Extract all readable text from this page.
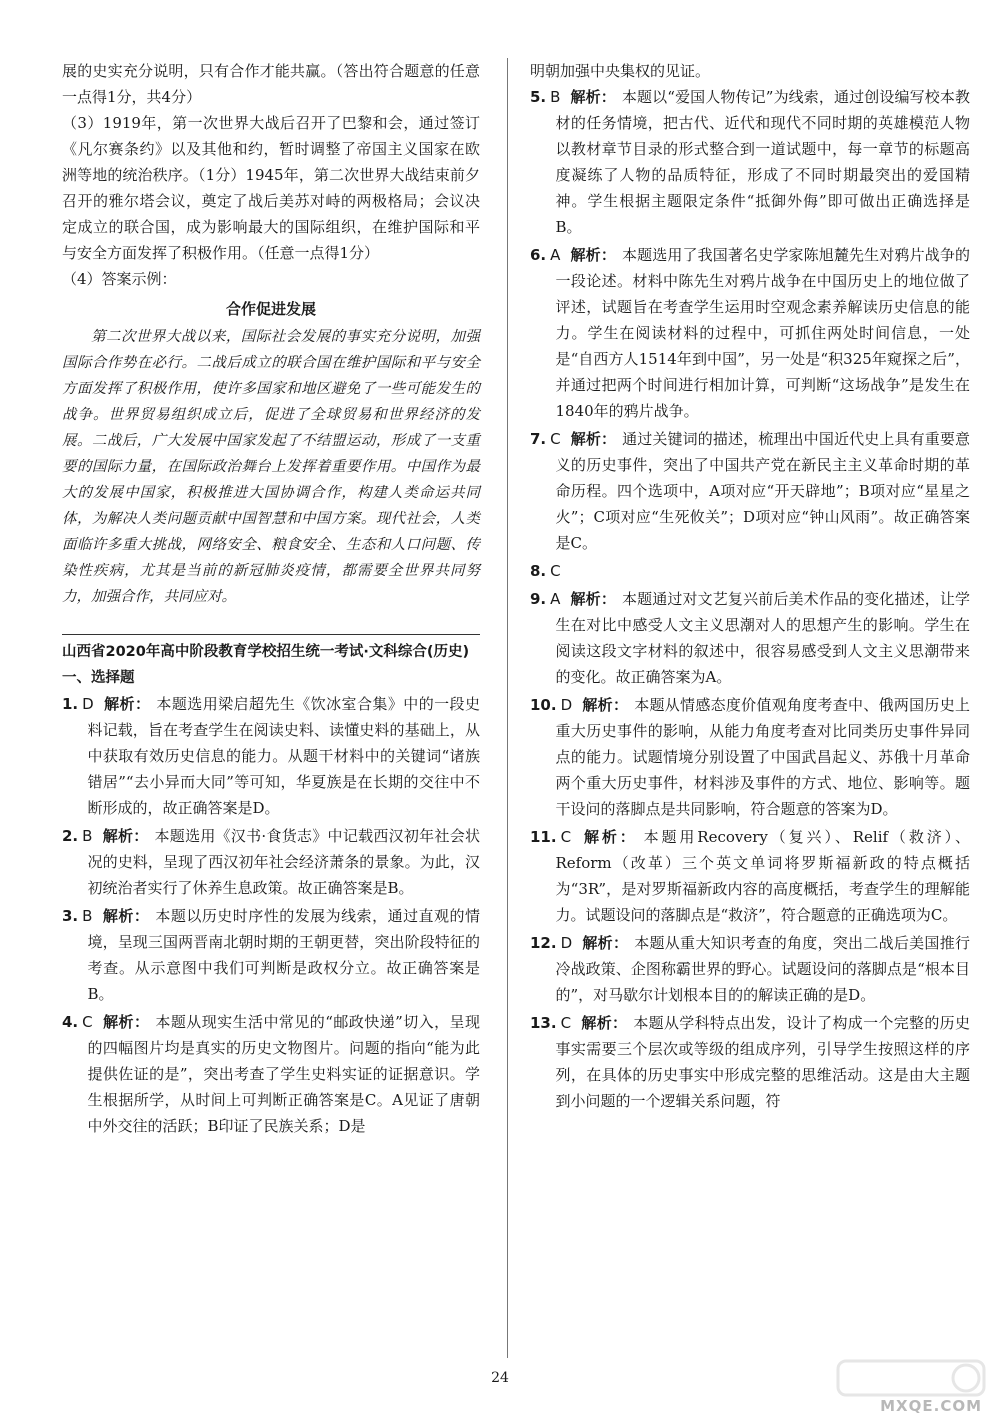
展的史实充分说明，只有合作才能共赢。（答出符合题意的任意一点得1分，共4分）

（3）1919年，第一次世界大战后召开了巴黎和会，通过签订《凡尔赛条约》以及其他和约，暂时调整了帝国主义国家在欧洲等地的统治秩序。（1分）1945年，第二次世界大战结束前夕召开的雅尔塔会议，奠定了战后美苏对峙的两极格局；会议决定成立的联合国，成为影响最大的国际组织，在维护国际和平与安全方面发挥了积极作用。（任意一点得1分）

（4）答案示例：

合作促进发展

第二次世界大战以来，国际社会发展的事实充分说明，加强国际合作势在必行。二战后成立的联合国在维护国际和平与安全方面发挥了积极作用，使许多国家和地区避免了一些可能发生的战争。世界贸易组织成立后，促进了全球贸易和世界经济的发展。二战后，广大发展中国家发起了不结盟运动，形成了一支重要的国际力量，在国际政治舞台上发挥着重要作用。中国作为最大的发展中国家，积极推进大国协调合作，构建人类命运共同体，为解决人类问题贡献中国智慧和中国方案。现代社会，人类面临许多重大挑战，网络安全、粮食安全、生态和人口问题、传染性疾病，尤其是当前的新冠肺炎疫情，都需要全世界共同努力，加强合作，共同应对。

山西省2020年高中阶段教育学校招生统一考试·文科综合(历史)
一、选择题

1. D 解析： 本题选用梁启超先生《饮冰室合集》中的一段史料记载，旨在考查学生在阅读史料、读懂史料的基础上，从中获取有效历史信息的能力。从题干材料中的关键词“诸族错居”“去小异而大同”等可知，华夏族是在长期的交往中不断形成的，故正确答案是D。

2. B 解析： 本题选用《汉书·食货志》中记载西汉初年社会状况的史料，呈现了西汉初年社会经济萧条的景象。为此，汉初统治者实行了休养生息政策。故正确答案是B。

3. B 解析： 本题以历史时序性的发展为线索，通过直观的情境，呈现三国两晋南北朝时期的王朝更替，突出阶段特征的考查。从示意图中我们可判断是政权分立。故正确答案是B。

4. C 解析： 本题从现实生活中常见的“邮政快递”切入，呈现的四幅图片均是真实的历史文物图片。问题的指向“能为此提供佐证的是”，突出考查了学生史料实证的证据意识。学生根据所学，从时间上可判断正确答案是C。A见证了唐朝中外交往的活跃；B印证了民族关系；D是

明朝加强中央集权的见证。

5. B 解析： 本题以“爱国人物传记”为线索，通过创设编写校本教材的任务情境，把古代、近代和现代不同时期的英雄模范人物以教材章节目录的形式整合到一道试题中，每一章节的标题高度凝练了人物的品质特征，形成了不同时期最突出的爱国精神。学生根据主题限定条件“抵御外侮”即可做出正确选择是B。

6. A 解析： 本题选用了我国著名史学家陈旭麓先生对鸦片战争的一段论述。材料中陈先生对鸦片战争在中国历史上的地位做了评述，试题旨在考查学生运用时空观念素养解读历史信息的能力。学生在阅读材料的过程中，可抓住两处时间信息，一处是“自西方人1514年到中国”，另一处是“积325年窥探之后”，并通过把两个时间进行相加计算，可判断“这场战争”是发生在1840年的鸦片战争。

7. C 解析： 通过关键词的描述，梳理出中国近代史上具有重要意义的历史事件，突出了中国共产党在新民主主义革命时期的革命历程。四个选项中，A项对应“开天辟地”；B项对应“星星之火”；C项对应“生死攸关”；D项对应“钟山风雨”。故正确答案是C。

8. C

9. A 解析： 本题通过对文艺复兴前后美术作品的变化描述，让学生在对比中感受人文主义思潮对人的思想产生的影响。学生在阅读这段文字材料的叙述中，很容易感受到人文主义思潮带来的变化。故正确答案为A。

10. D 解析： 本题从情感态度价值观角度考查中、俄两国历史上重大历史事件的影响，从能力角度考查对比同类历史事件异同点的能力。试题情境分别设置了中国武昌起义、苏俄十月革命两个重大历史事件，材料涉及事件的方式、地位、影响等。题干设问的落脚点是共同影响，符合题意的答案为D。

11. C 解析： 本题用Recovery（复兴）、Relif（救济）、Reform（改革）三个英文单词将罗斯福新政的特点概括为“3R”，是对罗斯福新政内容的高度概括，考查学生的理解能力。试题设问的落脚点是“救济”，符合题意的正确选项为C。

12. D 解析： 本题从重大知识考查的角度，突出二战后美国推行冷战政策、企图称霸世界的野心。试题设问的落脚点是“根本目的”，对马歇尔计划根本目的的解读正确的是D。

13. C 解析： 本题从学科特点出发，设计了构成一个完整的历史事实需要三个层次或等级的组成序列，引导学生按照这样的序列，在具体的历史事实中形成完整的思维活动。这是由大主题到小问题的一个逻辑关系问题，符

24
MXQE.COM
